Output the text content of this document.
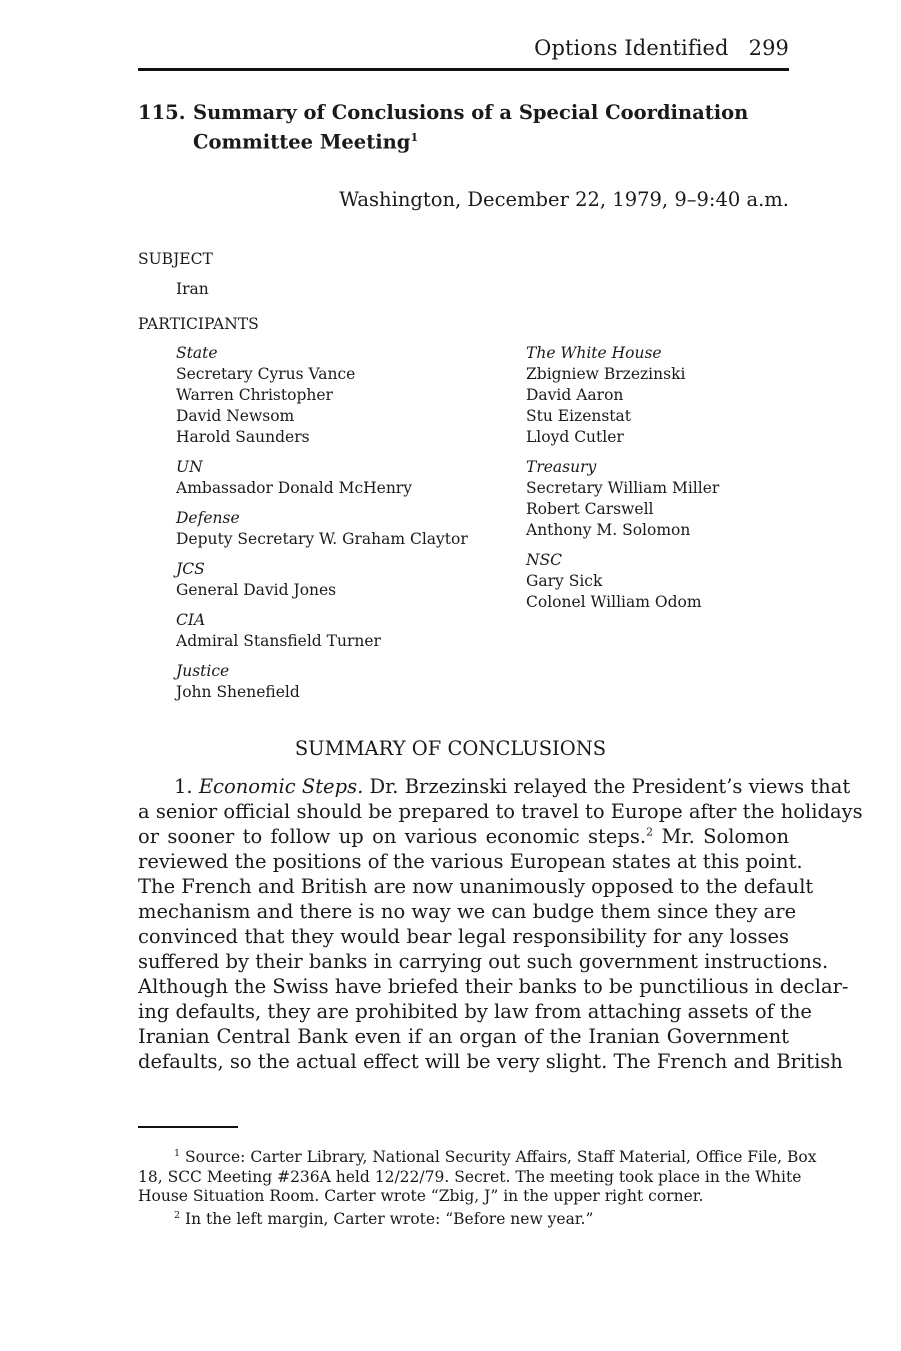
Options Identified 299
115. Summary of Conclusions of a Special Coordination
Committee Meeting$^1$
Washington, December 22, 1979, 9–9:40 a.m.
SUBJECT
Iran
PARTICIPANTS
State
Secretary Cyrus Vance
Warren Christopher
David Newsom
Harold Saunders
UN
Ambassador Donald McHenry
Defense
Deputy Secretary W. Graham Claytor
JCS
General David Jones
CIA
Admiral Stansfield Turner
Justice
John Shenefield
The White House
Zbigniew Brzezinski
David Aaron
Stu Eizenstat
Lloyd Cutler
Treasury
Secretary William Miller
Robert Carswell
Anthony M. Solomon
NSC
Gary Sick
Colonel William Odom
SUMMARY OF CONCLUSIONS
1. Economic Steps. Dr. Brzezinski relayed the President’s views that
a senior official should be prepared to travel to Europe after the holidays
or sooner to follow up on various economic steps.$^2$ Mr. Solomon
reviewed the positions of the various European states at this point.
The French and British are now unanimously opposed to the default
mechanism and there is no way we can budge them since they are
convinced that they would bear legal responsibility for any losses
suffered by their banks in carrying out such government instructions.
Although the Swiss have briefed their banks to be punctilious in declar-
ing defaults, they are prohibited by law from attaching assets of the
Iranian Central Bank even if an organ of the Iranian Government
defaults, so the actual effect will be very slight. The French and British
$^1$ Source: Carter Library, National Security Affairs, Staff Material, Office File, Box
18, SCC Meeting #236A held 12/22/79. Secret. The meeting took place in the White
House Situation Room. Carter wrote “Zbig, J” in the upper right corner.
$^2$ In the left margin, Carter wrote: “Before new year.”
